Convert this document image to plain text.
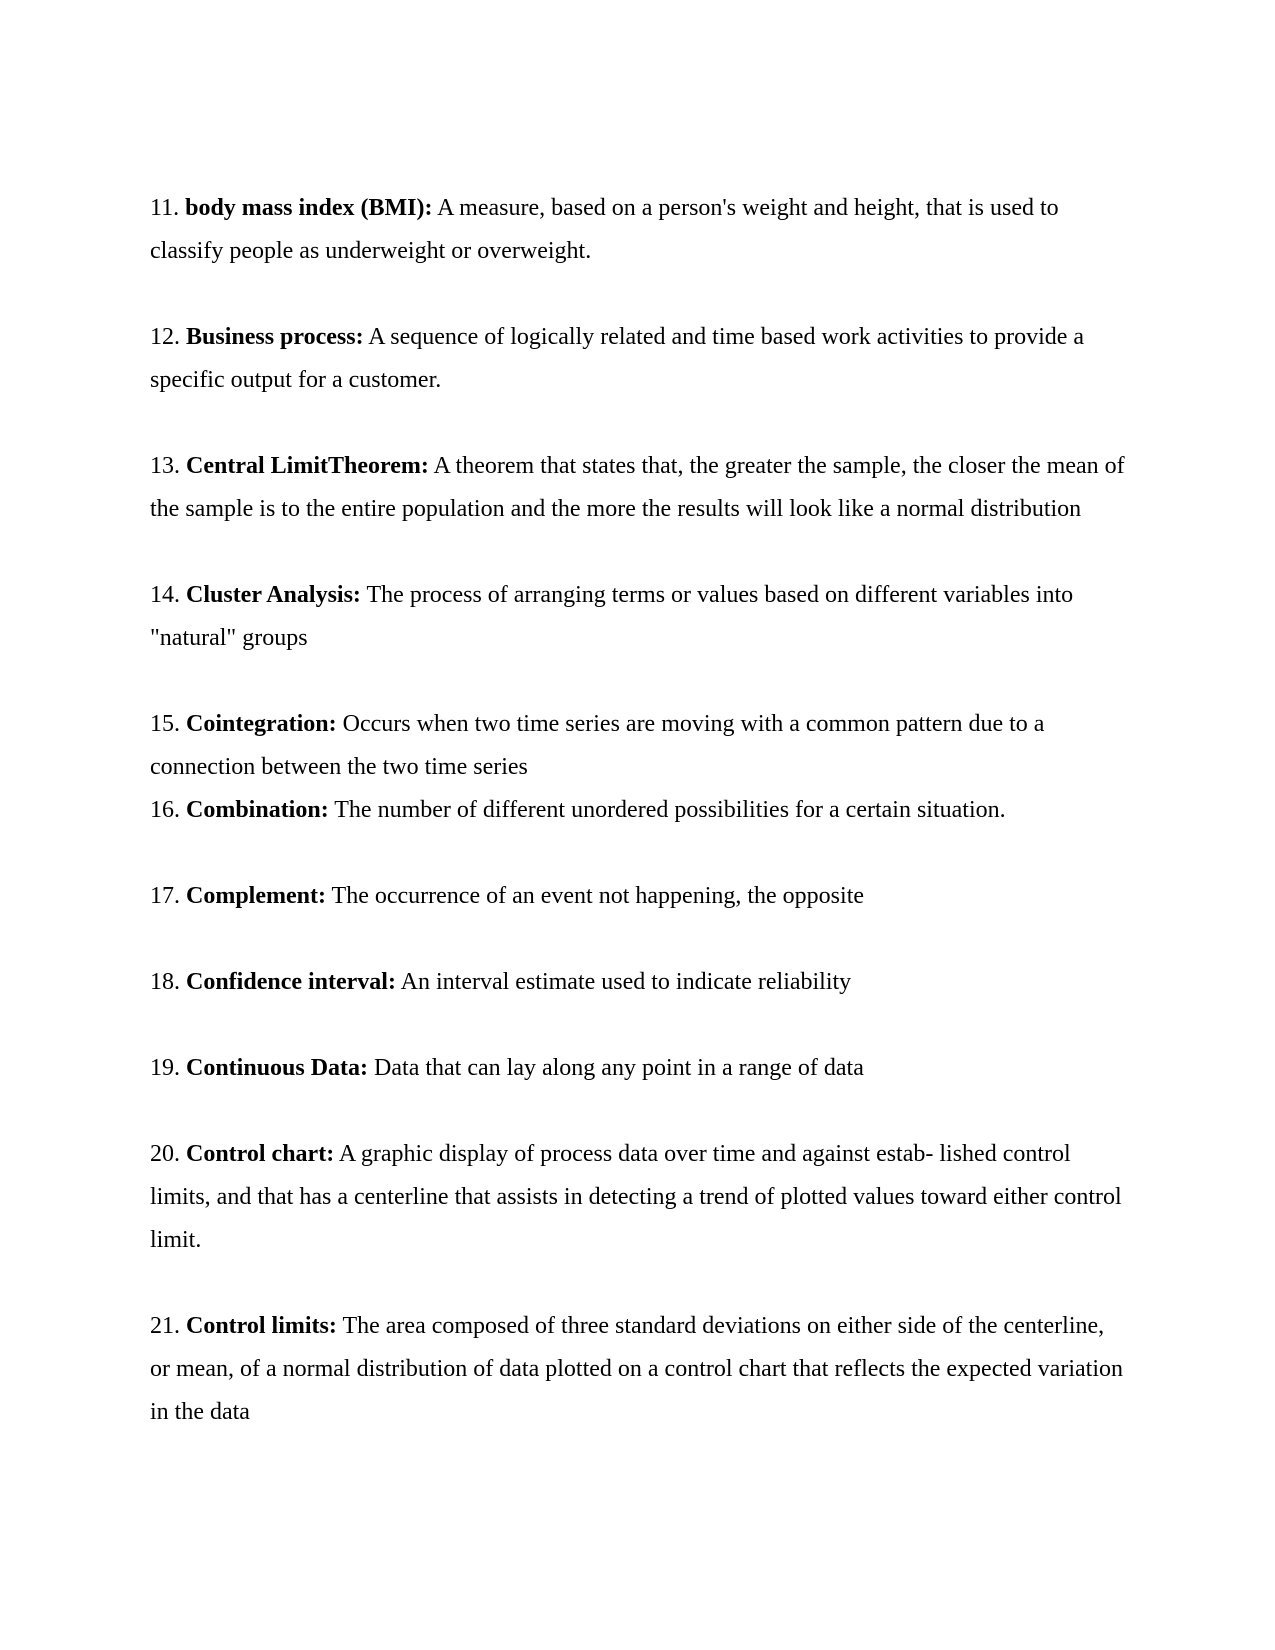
11. body mass index (BMI): A measure, based on a person's weight and height, that is used to classify people as underweight or overweight.

12. Business process: A sequence of logically related and time based work activities to provide a specific output for a customer.

13. Central LimitTheorem: A theorem that states that, the greater the sample, the closer the mean of the sample is to the entire population and the more the results will look like a normal distribution

14. Cluster Analysis: The process of arranging terms or values based on different variables into "natural" groups

15. Cointegration: Occurs when two time series are moving with a common pattern due to a connection between the two time series

16. Combination: The number of different unordered possibilities for a certain situation.

17. Complement: The occurrence of an event not happening, the opposite

18. Confidence interval: An interval estimate used to indicate reliability

19. Continuous Data: Data that can lay along any point in a range of data

20. Control chart: A graphic display of process data over time and against estab- lished control limits, and that has a centerline that assists in detecting a trend of plotted values toward either control limit.

21. Control limits: The area composed of three standard deviations on either side of the centerline, or mean, of a normal distribution of data plotted on a control chart that reflects the expected variation in the data
